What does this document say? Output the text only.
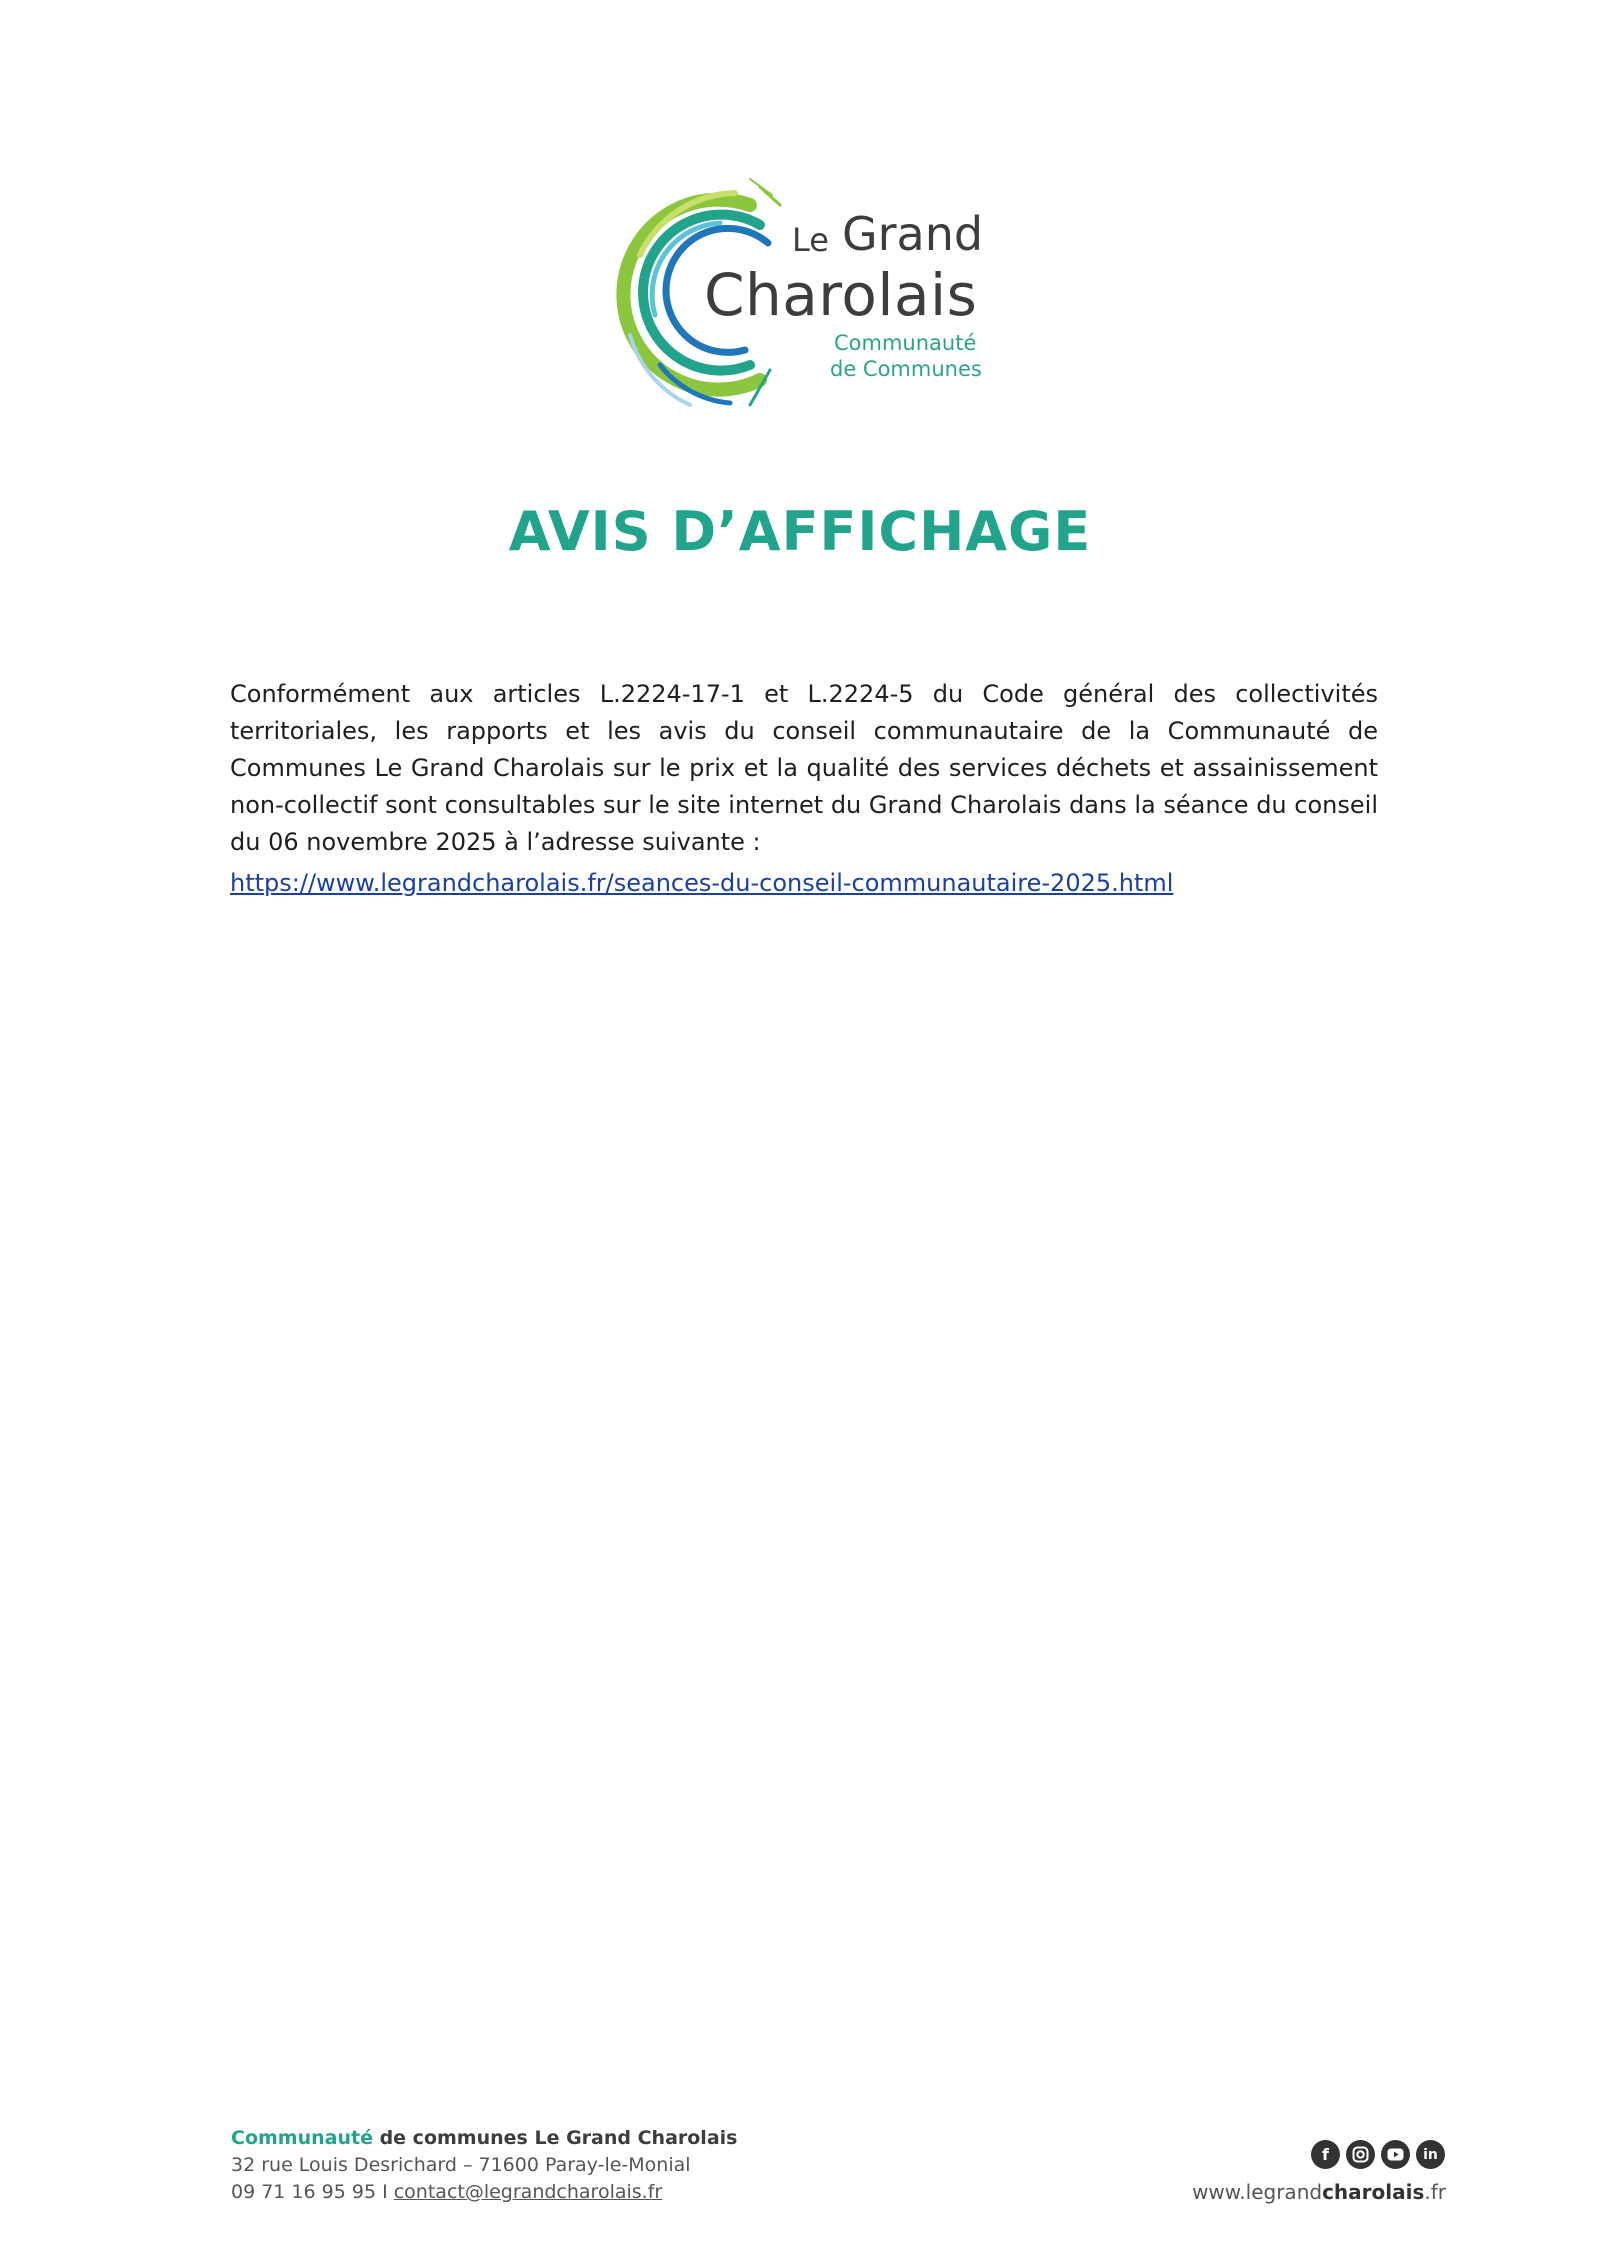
Le Grand
Charolais
Communauté
de Communes
AVIS D’AFFICHAGE

Conformément aux articles L.2224-17-1 et L.2224-5 du Code général des collectivités territoriales, les rapports et les avis du conseil communautaire de la Communauté de Communes Le Grand Charolais sur le prix et la qualité des services déchets et assainissement non-collectif sont consultables sur le site internet du Grand Charolais dans la séance du conseil du 06 novembre 2025 à l’adresse suivante :

https://www.legrandcharolais.fr/seances-du-conseil-communautaire-2025.html
Communauté de communes Le Grand Charolais
32 rue Louis Desrichard – 71600 Paray-le-Monial
09 71 16 95 95 I contact@legrandcharolais.fr
f	in
www.legrandcharolais.fr
